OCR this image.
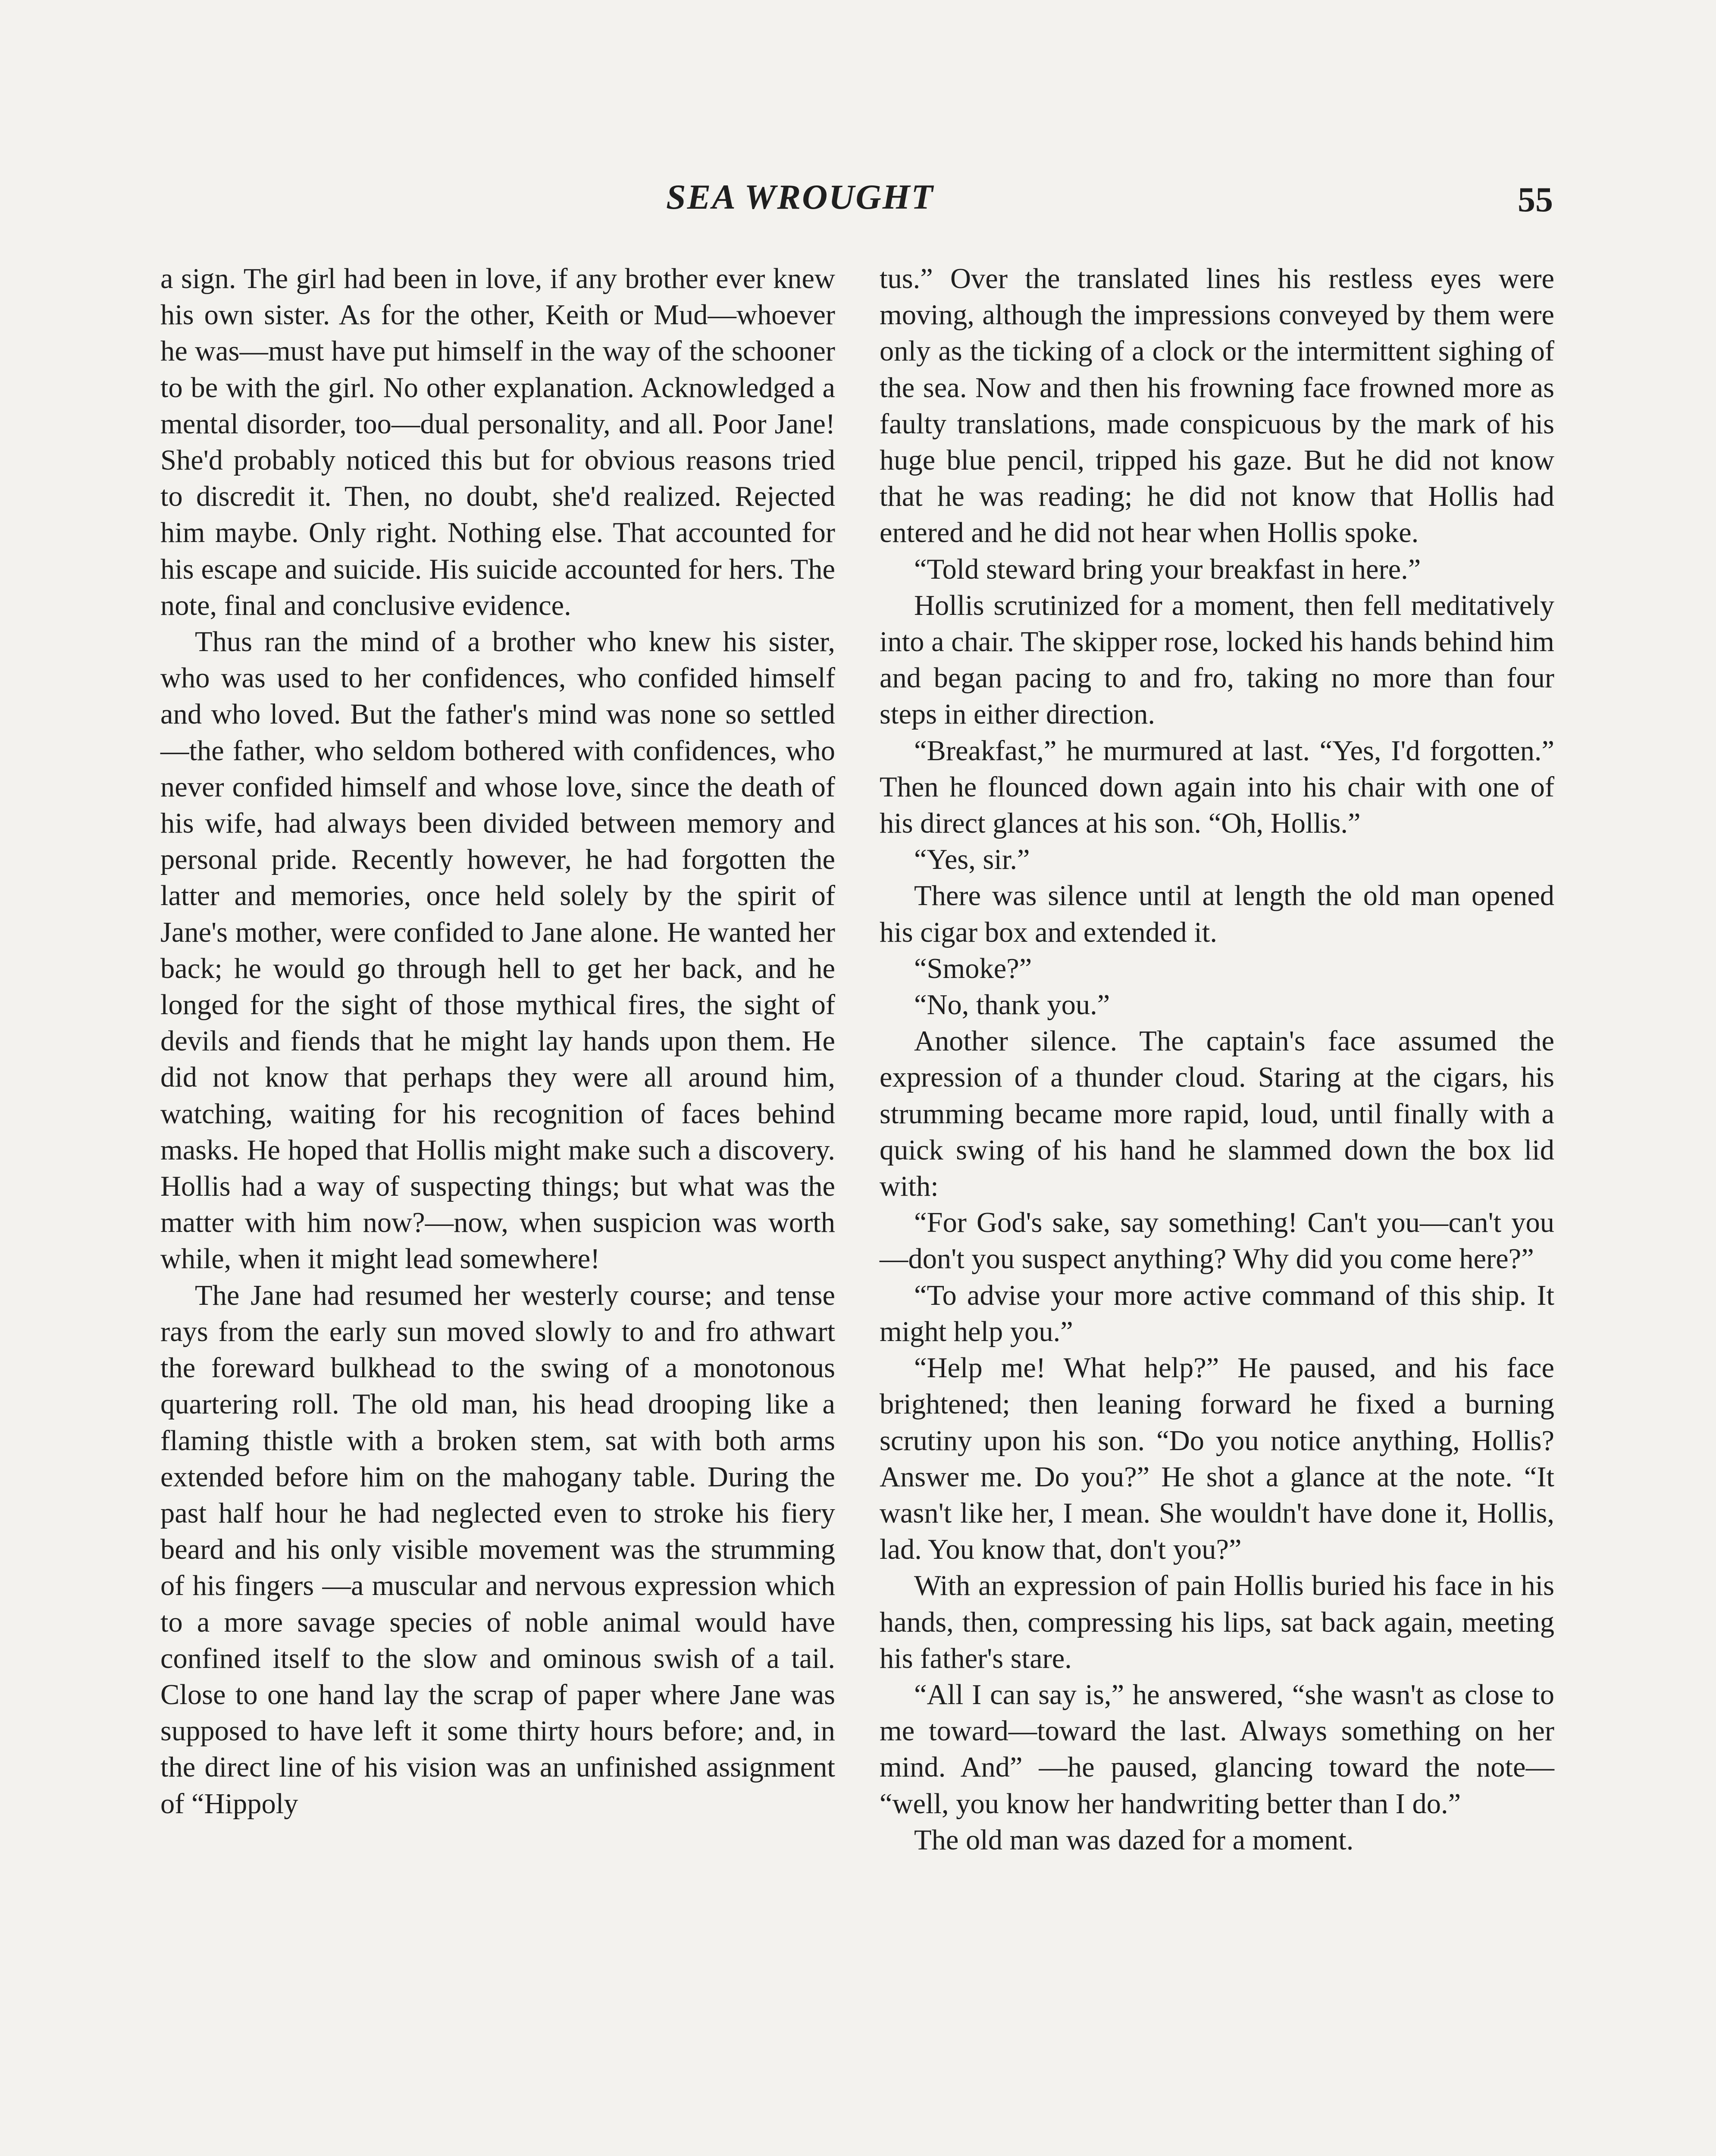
SEA WROUGHT	55

a sign. The girl had been in love, if any brother ever knew his own sister. As for the other, Keith or Mud—whoever he was—must have put himself in the way of the schooner to be with the girl. No other explanation. Acknowledged a mental disorder, too—dual personality, and all. Poor Jane! She'd probably noticed this but for obvious reasons tried to discredit it. Then, no doubt, she'd realized. Rejected him maybe. Only right. Nothing else. That accounted for his escape and suicide. His suicide accounted for hers. The note, final and conclusive evidence.

Thus ran the mind of a brother who knew his sister, who was used to her confidences, who confided himself and who loved. But the father's mind was none so settled—the father, who seldom bothered with confidences, who never confided himself and whose love, since the death of his wife, had always been divided between memory and personal pride. Recently however, he had forgotten the latter and memories, once held solely by the spirit of Jane's mother, were confided to Jane alone. He wanted her back; he would go through hell to get her back, and he longed for the sight of those mythical fires, the sight of devils and fiends that he might lay hands upon them. He did not know that perhaps they were all around him, watching, waiting for his recognition of faces behind masks. He hoped that Hollis might make such a discovery. Hollis had a way of suspecting things; but what was the matter with him now?—now, when suspicion was worth while, when it might lead somewhere!

The Jane had resumed her westerly course; and tense rays from the early sun moved slowly to and fro athwart the foreward bulkhead to the swing of a monotonous quartering roll. The old man, his head drooping like a flaming thistle with a broken stem, sat with both arms extended before him on the mahogany table. During the past half hour he had neglected even to stroke his fiery beard and his only visible movement was the strumming of his fingers —a muscular and nervous expression which to a more savage species of noble animal would have confined itself to the slow and ominous swish of a tail. Close to one hand lay the scrap of paper where Jane was supposed to have left it some thirty hours before; and, in the direct line of his vision was an unfinished assignment of “Hippoly

tus.” Over the translated lines his restless eyes were moving, although the impressions conveyed by them were only as the ticking of a clock or the intermittent sighing of the sea. Now and then his frowning face frowned more as faulty translations, made conspicuous by the mark of his huge blue pencil, tripped his gaze. But he did not know that he was reading; he did not know that Hollis had entered and he did not hear when Hollis spoke.

“Told steward bring your breakfast in here.”

Hollis scrutinized for a moment, then fell meditatively into a chair. The skipper rose, locked his hands behind him and began pacing to and fro, taking no more than four steps in either direction.

“Breakfast,” he murmured at last. “Yes, I'd forgotten.” Then he flounced down again into his chair with one of his direct glances at his son. “Oh, Hollis.”

“Yes, sir.”

There was silence until at length the old man opened his cigar box and extended it.

“Smoke?”

“No, thank you.”

Another silence. The captain's face assumed the expression of a thunder cloud. Staring at the cigars, his strumming became more rapid, loud, until finally with a quick swing of his hand he slammed down the box lid with:

“For God's sake, say something! Can't you—can't you—don't you suspect anything? Why did you come here?”

“To advise your more active command of this ship. It might help you.”

“Help me! What help?” He paused, and his face brightened; then leaning forward he fixed a burning scrutiny upon his son. “Do you notice anything, Hollis? Answer me. Do you?” He shot a glance at the note. “It wasn't like her, I mean. She wouldn't have done it, Hollis, lad. You know that, don't you?”

With an expression of pain Hollis buried his face in his hands, then, compressing his lips, sat back again, meeting his father's stare.

“All I can say is,” he answered, “she wasn't as close to me toward—toward the last. Always something on her mind. And” —he paused, glancing toward the note— “well, you know her handwriting better than I do.”

The old man was dazed for a moment.
